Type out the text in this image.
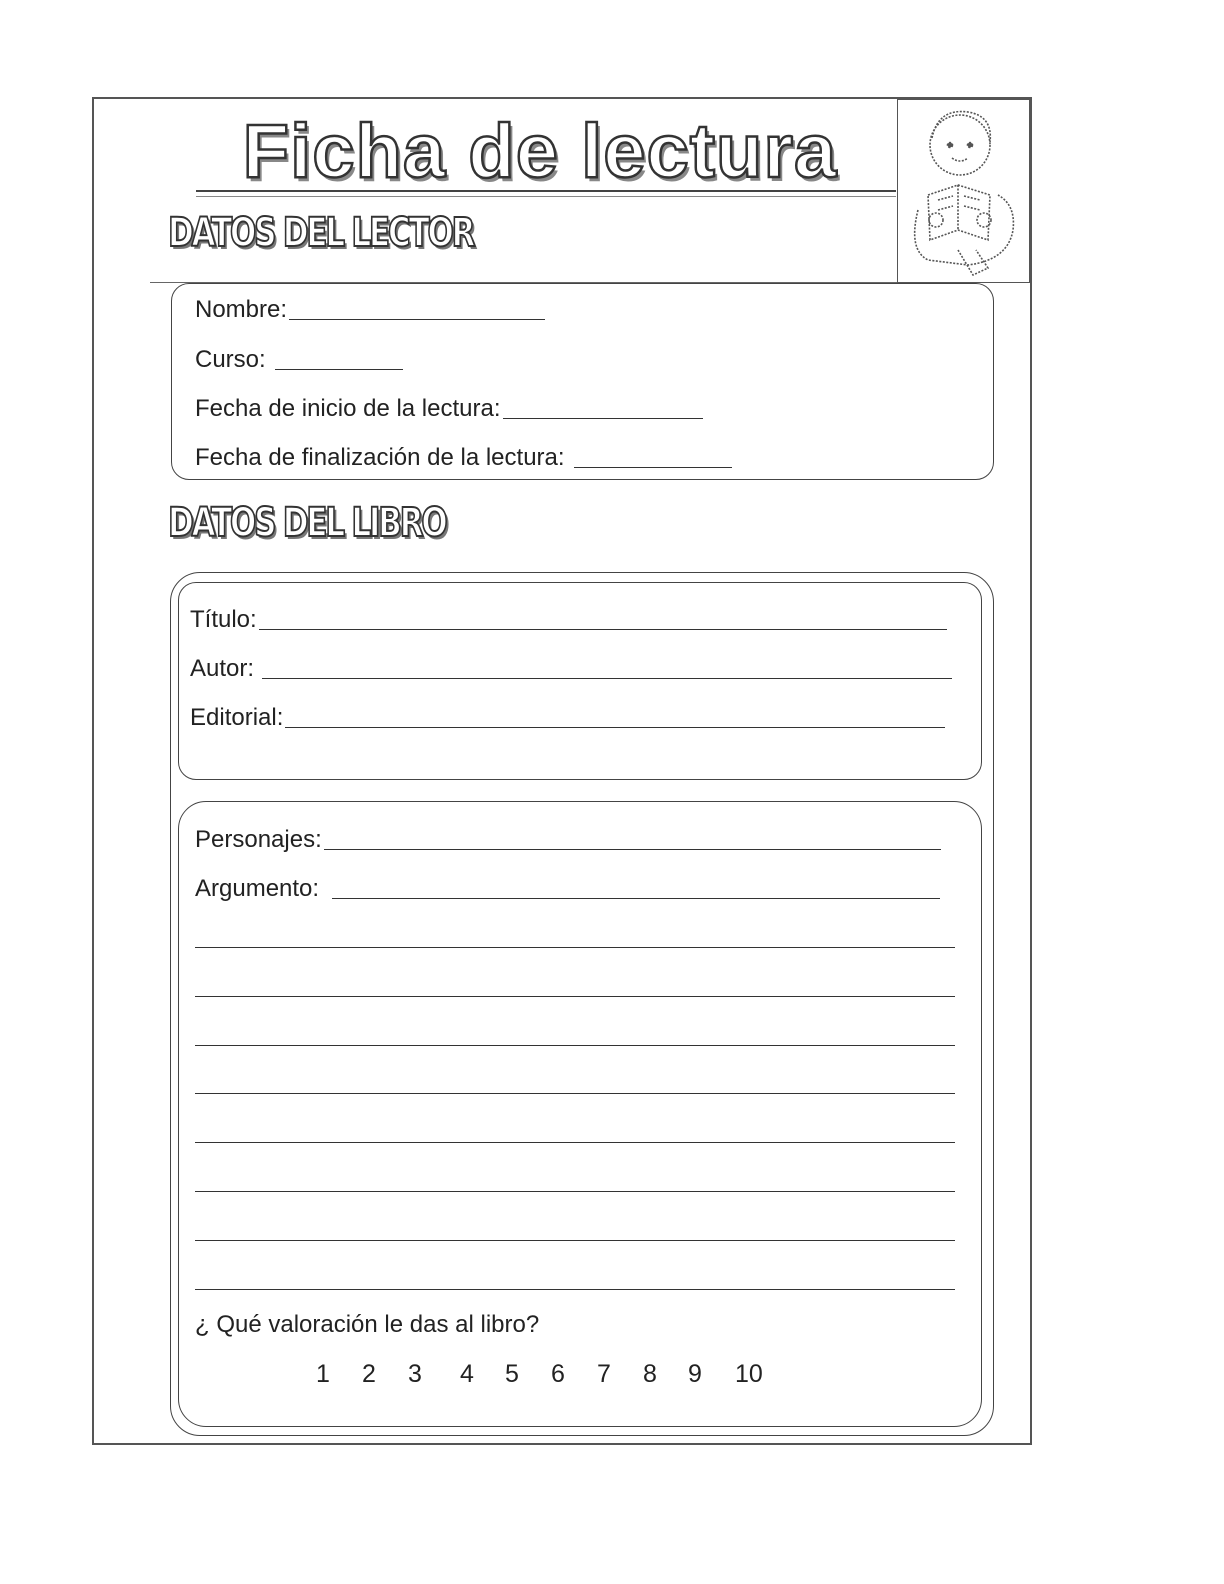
Ficha de lectura
DATOS DEL LECTOR
Nombre:
Curso:
Fecha de inicio de la lectura:
Fecha de finalización de la lectura:
DATOS DEL LIBRO
Título:
Autor:
Editorial:
Personajes:
Argumento:
¿ Qué valoración le das al libro?
1 2 3 4 5 6 7 8 9 10
